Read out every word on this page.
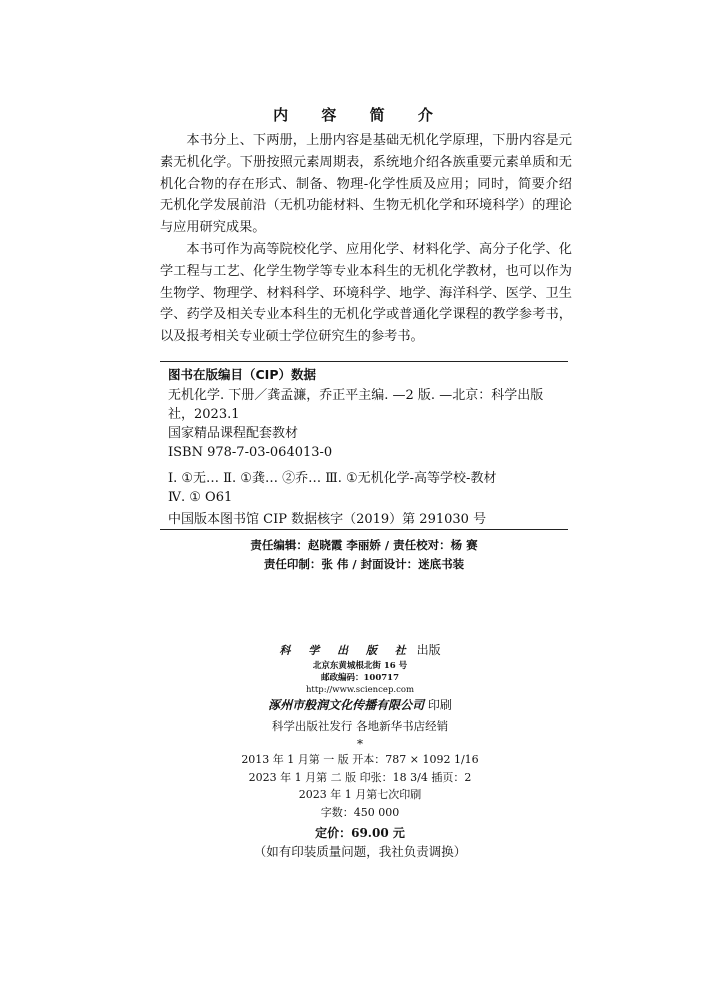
内 容 简 介

本书分上、下两册，上册内容是基础无机化学原理，下册内容是元素无机化学。下册按照元素周期表，系统地介绍各族重要元素单质和无机化合物的存在形式、制备、物理-化学性质及应用；同时，简要介绍无机化学发展前沿（无机功能材料、生物无机化学和环境科学）的理论与应用研究成果。

本书可作为高等院校化学、应用化学、材料化学、高分子化学、化学工程与工艺、化学生物学等专业本科生的无机化学教材，也可以作为生物学、物理学、材料科学、环境科学、地学、海洋科学、医学、卫生学、药学及相关专业本科生的无机化学或普通化学课程的教学参考书，以及报考相关专业硕士学位研究生的参考书。

图书在版编目（CIP）数据
无机化学. 下册／龚孟濂，乔正平主编. —2 版. —北京：科学出版
社，2023.1
国家精品课程配套教材
ISBN 978-7-03-064013-0
Ⅰ. ①无… Ⅱ. ①龚… ②乔… Ⅲ. ①无机化学-高等学校-教材
Ⅳ. ① O61
中国版本图书馆 CIP 数据核字（2019）第 291030 号
责任编辑：赵晓霞 李丽娇 / 责任校对：杨 赛
责任印制：张 伟 / 封面设计：迷底书装
科 学 出 版 社 出版
北京东黄城根北街 16 号
邮政编码：100717
http://www.sciencep.com
涿州市般润文化传播有限公司 印刷
科学出版社发行 各地新华书店经销
*
2013 年 1 月第 一 版 开本：787 × 1092 1/16
2023 年 1 月第 二 版 印张：18 3/4 插页：2
2023 年 1 月第七次印刷
字数：450 000
定价：69.00 元
（如有印装质量问题，我社负责调换）
